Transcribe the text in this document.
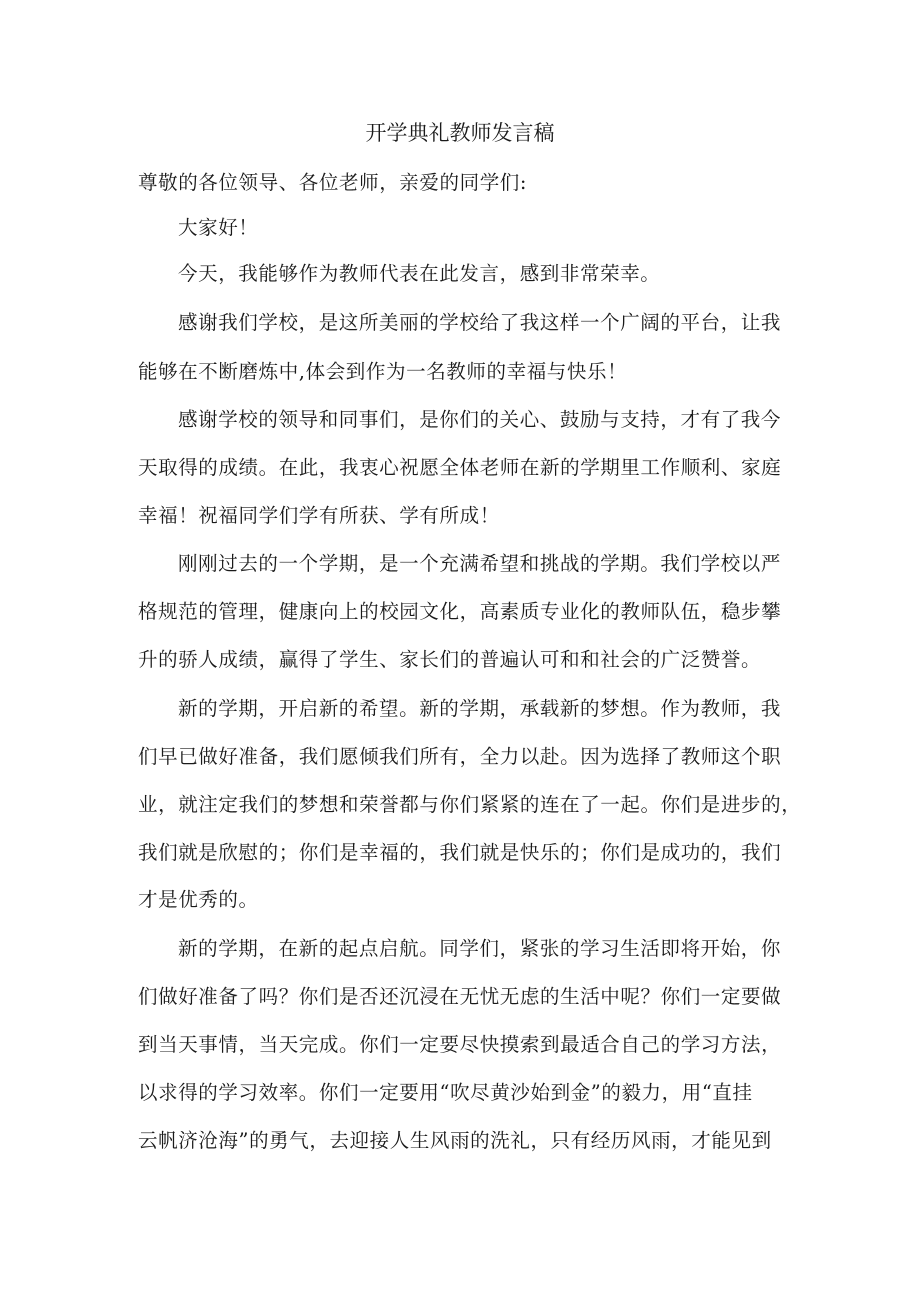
开学典礼教师发言稿

尊敬的各位领导、各位老师，亲爱的同学们:

大家好！

今天，我能够作为教师代表在此发言，感到非常荣幸。

感谢我们学校，是这所美丽的学校给了我这样一个广阔的平台，让我

能够在不断磨炼中,体会到作为一名教师的幸福与快乐！

感谢学校的领导和同事们，是你们的关心、鼓励与支持，才有了我今

天取得的成绩。在此，我衷心祝愿全体老师在新的学期里工作顺利、家庭

幸福！祝福同学们学有所获、学有所成！

刚刚过去的一个学期，是一个充满希望和挑战的学期。我们学校以严

格规范的管理，健康向上的校园文化，高素质专业化的教师队伍，稳步攀

升的骄人成绩，赢得了学生、家长们的普遍认可和和社会的广泛赞誉。

新的学期，开启新的希望。新的学期，承载新的梦想。作为教师，我

们早已做好准备，我们愿倾我们所有，全力以赴。因为选择了教师这个职

业，就注定我们的梦想和荣誉都与你们紧紧的连在了一起。你们是进步的，

我们就是欣慰的；你们是幸福的，我们就是快乐的；你们是成功的，我们

才是优秀的。

新的学期，在新的起点启航。同学们，紧张的学习生活即将开始，你

们做好准备了吗？你们是否还沉浸在无忧无虑的生活中呢？你们一定要做

到当天事情，当天完成。你们一定要尽快摸索到最适合自己的学习方法，

以求得的学习效率。你们一定要用“吹尽黄沙始到金”的毅力，用“直挂

云帆济沧海”的勇气，去迎接人生风雨的洗礼，只有经历风雨，才能见到
